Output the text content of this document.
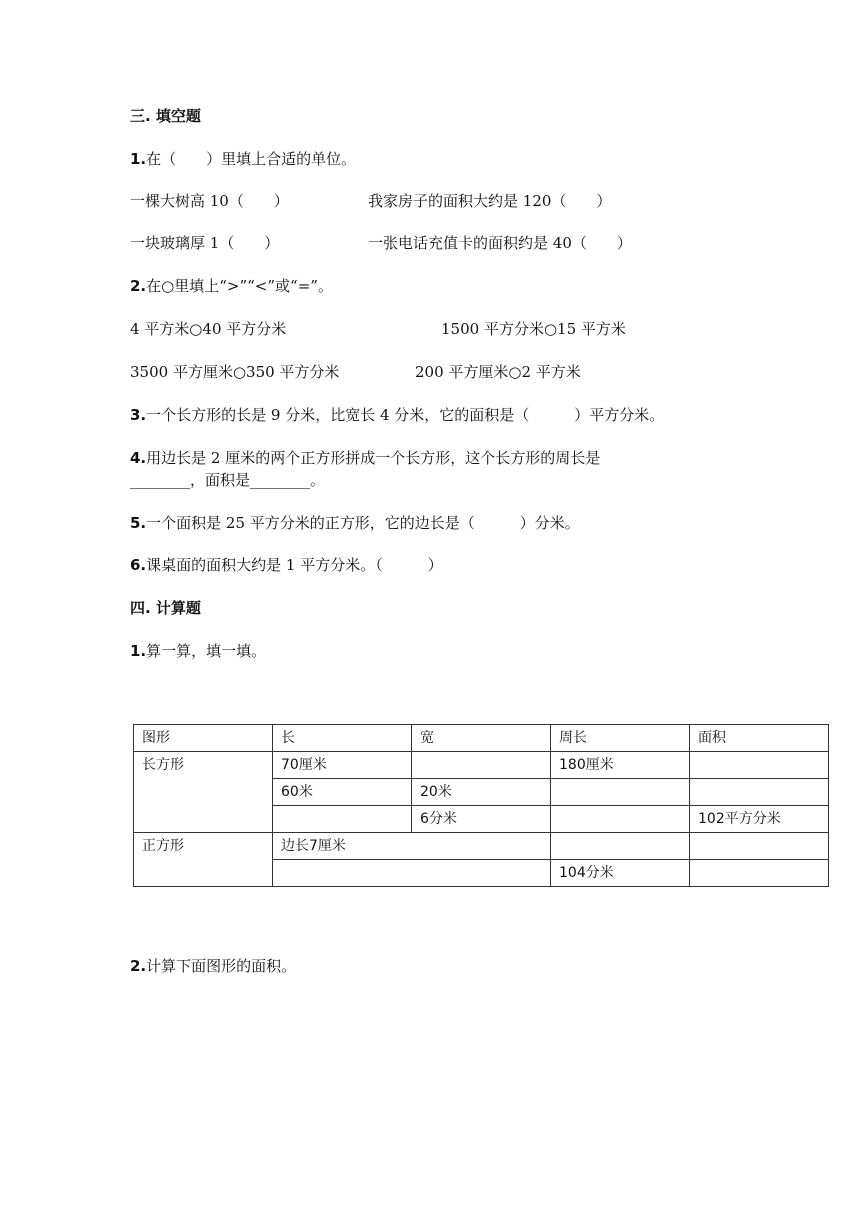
三. 填空题
1.在（　　）里填上合适的单位。
一棵大树高 10（　　）	我家房子的面积大约是 120（　　）
一块玻璃厚 1（　　）	一张电话充值卡的面积约是 40（　　）
2.在○里填上“>”“<”或“=”。
4 平方米○40 平方分米	1500 平方分米○15 平方米
3500 平方厘米○350 平方分米	200 平方厘米○2 平方米
3.一个长方形的长是 9 分米，比宽长 4 分米，它的面积是（　　　）平方分米。
4.用边长是 2 厘米的两个正方形拼成一个长方形，这个长方形的周长是
________，面积是________。
5.一个面积是 25 平方分米的正方形，它的边长是（　　　）分米。
6.课桌面的面积大约是 1 平方分米。（　　　）
四. 计算题
1.算一算，填一填。
图形	长	宽	周长	面积
长方形	70厘米		180厘米	
	60米	20米		
		6分米		102平方分米
正方形	边长7厘米			
			104分米	
2.计算下面图形的面积。
